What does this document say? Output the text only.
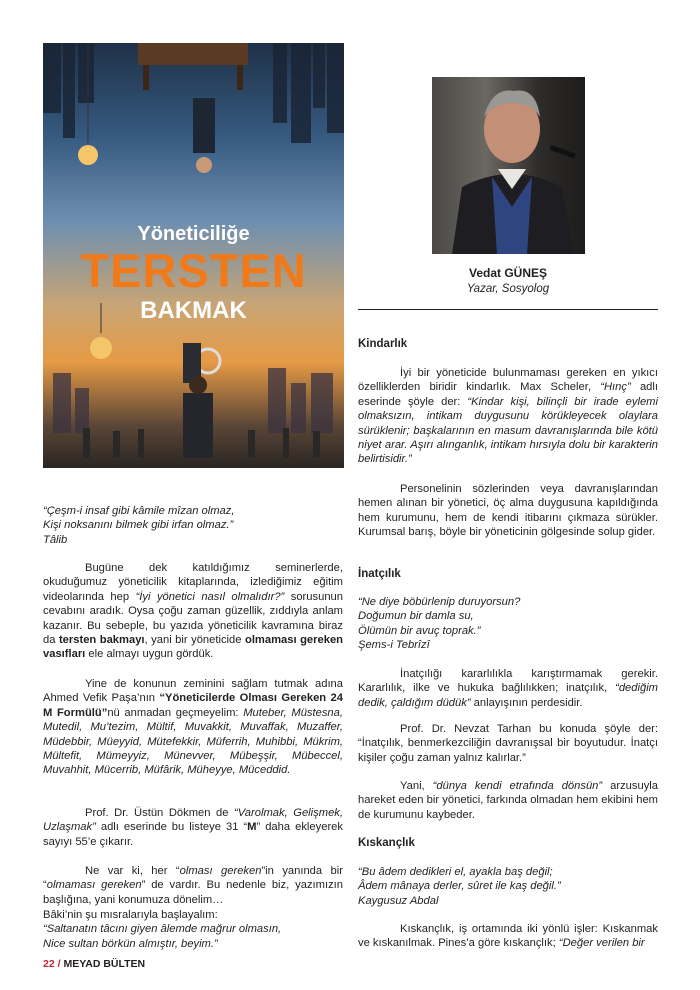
Yöneticiliğe
TERSTEN
BAKMAK
Vedat GÜNEŞ
Yazar, Sosyolog
“Çeşm-i insaf gibi kâmile mîzan olmaz,
Kişi noksanını bilmek gibi irfan olmaz.”
Tâlib

Bugüne dek katıldığımız seminerlerde, okuduğumuz yöneticilik kitaplarında, izlediğimiz eğitim videolarında hep “İyi yönetici nasıl olmalıdır?” sorusunun cevabını aradık. Oysa çoğu zaman güzellik, zıddıyla anlam kazanır. Bu sebeple, bu yazıda yöneticilik kavramına biraz da tersten bakmayı, yani bir yöneticide olmaması gereken vasıfları ele almayı uygun gördük.

Yine de konunun zeminini sağlam tutmak adına Ahmed Vefik Paşa’nın “Yöneticilerde Olması Gereken 24 M Formülü”nü anmadan geçmeyelim: Muteber, Müstesna, Mutedil, Mu’tezim, Mültif, Muvakkit, Muvaffak, Muzaffer, Müdebbir, Müeyyid, Mütefekkir, Müferrih, Muhibbi, Mükrim, Mültefit, Mümeyyiz, Münevver, Mübeşşir, Mübeccel, Muvahhit, Mücerrib, Müfârik, Müheyye, Müceddid.

Prof. Dr. Üstün Dökmen de “Varolmak, Gelişmek, Uzlaşmak” adlı eserinde bu listeye 31 “M” daha ekleyerek sayıyı 55’e çıkarır.

Ne var ki, her “olması gereken”in yanında bir “olmaması gereken” de vardır. Bu nedenle biz, yazımızın başlığına, yani konumuza dönelim…

Bâki’nin şu mısralarıyla başlayalım:
“Saltanatın tâcını giyen âlemde mağrur olmasın,
Nice sultan börkün almıştır, beyim.”

Kindarlık

İyi bir yöneticide bulunmaması gereken en yıkıcı özelliklerden biridir kindarlık. Max Scheler, “Hınç” adlı eserinde şöyle der: “Kindar kişi, bilinçli bir irade eylemi olmaksızın, intikam duygusunu körükleyecek olaylara sürüklenir; başkalarının en masum davranışlarında bile kötü niyet arar. Aşırı alınganlık, intikam hırsıyla dolu bir karakterin belirtisidir.”

Personelinin sözlerinden veya davranışlarından hemen alınan bir yönetici, öç alma duygusuna kapıldığında hem kurumunu, hem de kendi itibarını çıkmaza sürükler. Kurumsal barış, böyle bir yöneticinin gölgesinde solup gider.

İnatçılık

“Ne diye böbürlenip duruyorsun?
Doğumun bir damla su,
Ölümün bir avuç toprak.”
Şems-i Tebrîzî

İnatçılığı kararlılıkla karıştırmamak gerekir. Kararlılık, ilke ve hukuka bağlılıkken; inatçılık, “dediğim dedik, çaldığım düdük” anlayışının perdesidir.

Prof. Dr. Nevzat Tarhan bu konuda şöyle der: “İnatçılık, benmerkezciliğin davranışsal bir boyutudur. İnatçı kişiler çoğu zaman yalnız kalırlar.”

Yani, “dünya kendi etrafında dönsün” arzusuyla hareket eden bir yönetici, farkında olmadan hem ekibini hem de kurumunu kaybeder.

Kıskançlık

“Bu âdem dedikleri el, ayakla baş değil;
Âdem mânaya derler, sûret ile kaş değil.”
Kaygusuz Abdal

Kıskançlık, iş ortamında iki yönlü işler: Kıskanmak ve kıskanılmak. Pines’a göre kıskançlık; “Değer verilen bir

22 / MEYAD BÜLTEN
